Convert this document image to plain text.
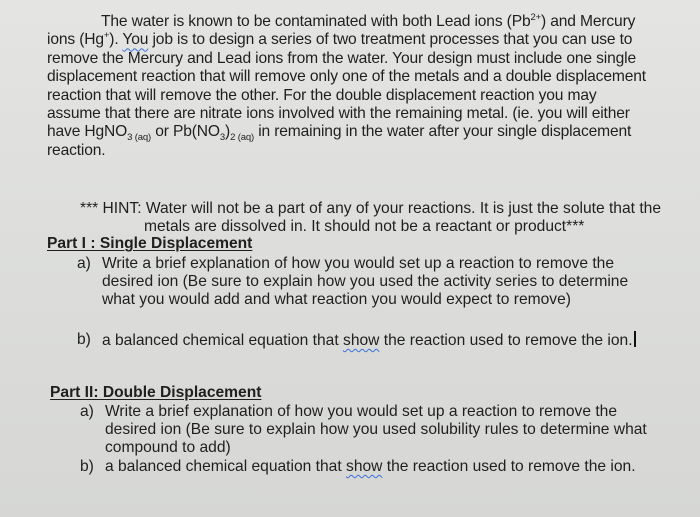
The water is known to be contaminated with both Lead ions $(Pb^{2+})$ and Mercury
ions (Hg+). You job is to design a series of two treatment processes that you can use to
remove the Mercury and Lead ions from the water. Your design must include one single
displacement reaction that will remove only one of the metals and a double displacement
reaction that will remove the other. For the double displacement reaction you may
assume that there are nitrate ions involved with the remaining metal. (ie. you will either
have HgNO$_3$ $_{(aq)}$ or $Pb(NO_3)_2$ $_{(aq)}$ in remaining in the water after your single displacement
reaction.
*** HINT: Water will not be a part of any of your reactions. It is just the solute that the
metals are dissolved in. It should not be a reactant or product***
Part I : Single Displacement
a) Write a brief explanation of how you would set up a reaction to remove the
desired ion (Be sure to explain how you used the activity series to determine
what you would add and what reaction you would expect to remove)
b) a balanced chemical equation that show the reaction used to remove the ion.
Part II: Double Displacement
a) Write a brief explanation of how you would set up a reaction to remove the
desired ion (Be sure to explain how you used solubility rules to determine what
compound to add)
b) a balanced chemical equation that show the reaction used to remove the ion.
